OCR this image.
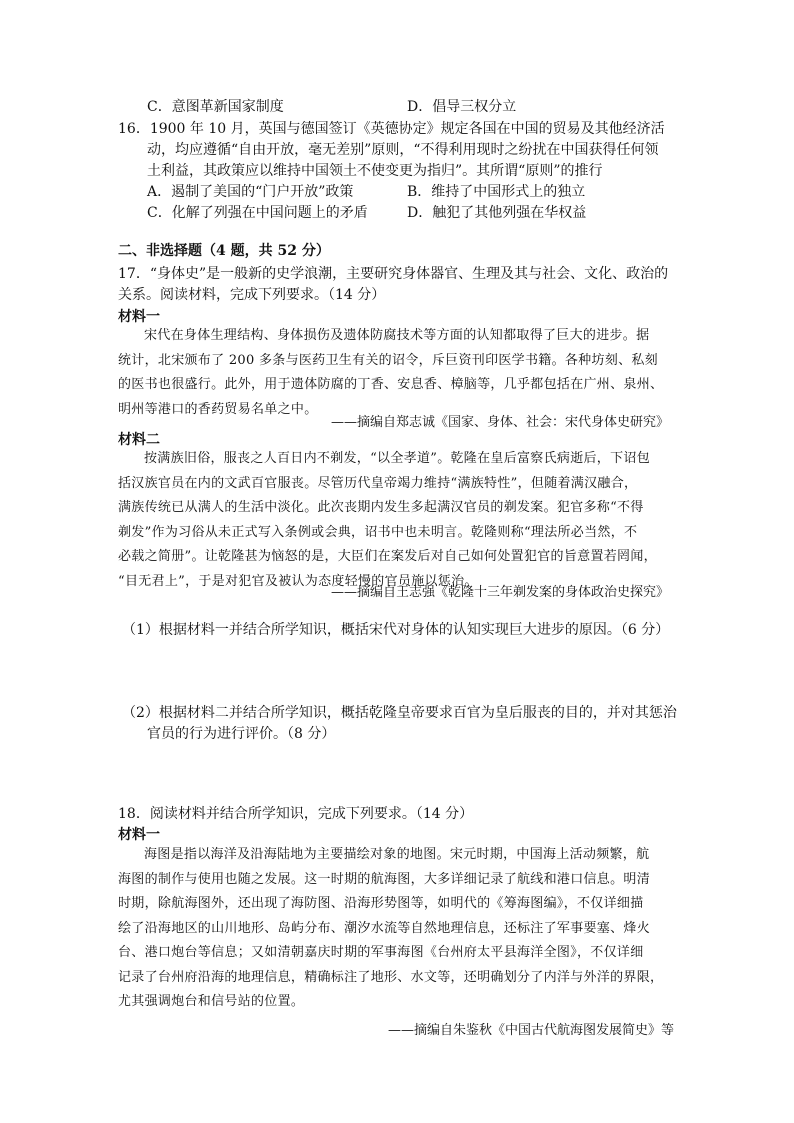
C．意图革新国家制度	D．倡导三权分立
16．1900 年 10 月，英国与德国签订《英德协定》规定各国在中国的贸易及其他经济活
动，均应遵循“自由开放，毫无差别”原则，“不得利用现时之纷扰在中国获得任何领
土利益，其政策应以维持中国领土不使变更为指归”。其所谓“原则”的推行
A．遏制了美国的“门户开放”政策	B．维持了中国形式上的独立
C．化解了列强在中国问题上的矛盾	D．触犯了其他列强在华权益
二、非选择题（4 题，共 52 分）
17．“身体史”是一般新的史学浪潮，主要研究身体器官、生理及其与社会、文化、政治的
关系。阅读材料，完成下列要求。（14 分）
材料一
宋代在身体生理结构、身体损伤及遗体防腐技术等方面的认知都取得了巨大的进步。据
统计，北宋颁布了 200 多条与医药卫生有关的诏令，斥巨资刊印医学书籍。各种坊刻、私刻
的医书也很盛行。此外，用于遗体防腐的丁香、安息香、樟脑等，几乎都包括在广州、泉州、
明州等港口的香药贸易名单之中。
——摘编自郑志诚《国家、身体、社会：宋代身体史研究》
材料二
按满族旧俗，服丧之人百日内不剃发，“以全孝道”。乾隆在皇后富察氏病逝后，下诏包
括汉族官员在内的文武百官服丧。尽管历代皇帝竭力维持“满族特性”，但随着满汉融合，
满族传统已从满人的生活中淡化。此次丧期内发生多起满汉官员的剃发案。犯官多称“不得
剃发”作为习俗从未正式写入条例或会典，诏书中也未明言。乾隆则称“理法所必当然，不
必载之简册”。让乾隆甚为恼怒的是，大臣们在案发后对自己如何处置犯官的旨意置若罔闻，
“目无君上”，于是对犯官及被认为态度轻慢的官员施以惩治。
——摘编自王志强《乾隆十三年剃发案的身体政治史探究》
（1）根据材料一并结合所学知识，概括宋代对身体的认知实现巨大进步的原因。（6 分）
（2）根据材料二并结合所学知识，概括乾隆皇帝要求百官为皇后服丧的目的，并对其惩治
官员的行为进行评价。（8 分）
18．阅读材料并结合所学知识，完成下列要求。（14 分）
材料一
海图是指以海洋及沿海陆地为主要描绘对象的地图。宋元时期，中国海上活动频繁，航
海图的制作与使用也随之发展。这一时期的航海图，大多详细记录了航线和港口信息。明清
时期，除航海图外，还出现了海防图、沿海形势图等，如明代的《筹海图编》，不仅详细描
绘了沿海地区的山川地形、岛屿分布、潮汐水流等自然地理信息，还标注了军事要塞、烽火
台、港口炮台等信息；又如清朝嘉庆时期的军事海图《台州府太平县海洋全图》，不仅详细
记录了台州府沿海的地理信息，精确标注了地形、水文等，还明确划分了内洋与外洋的界限，
尤其强调炮台和信号站的位置。
——摘编自朱鉴秋《中国古代航海图发展简史》等
